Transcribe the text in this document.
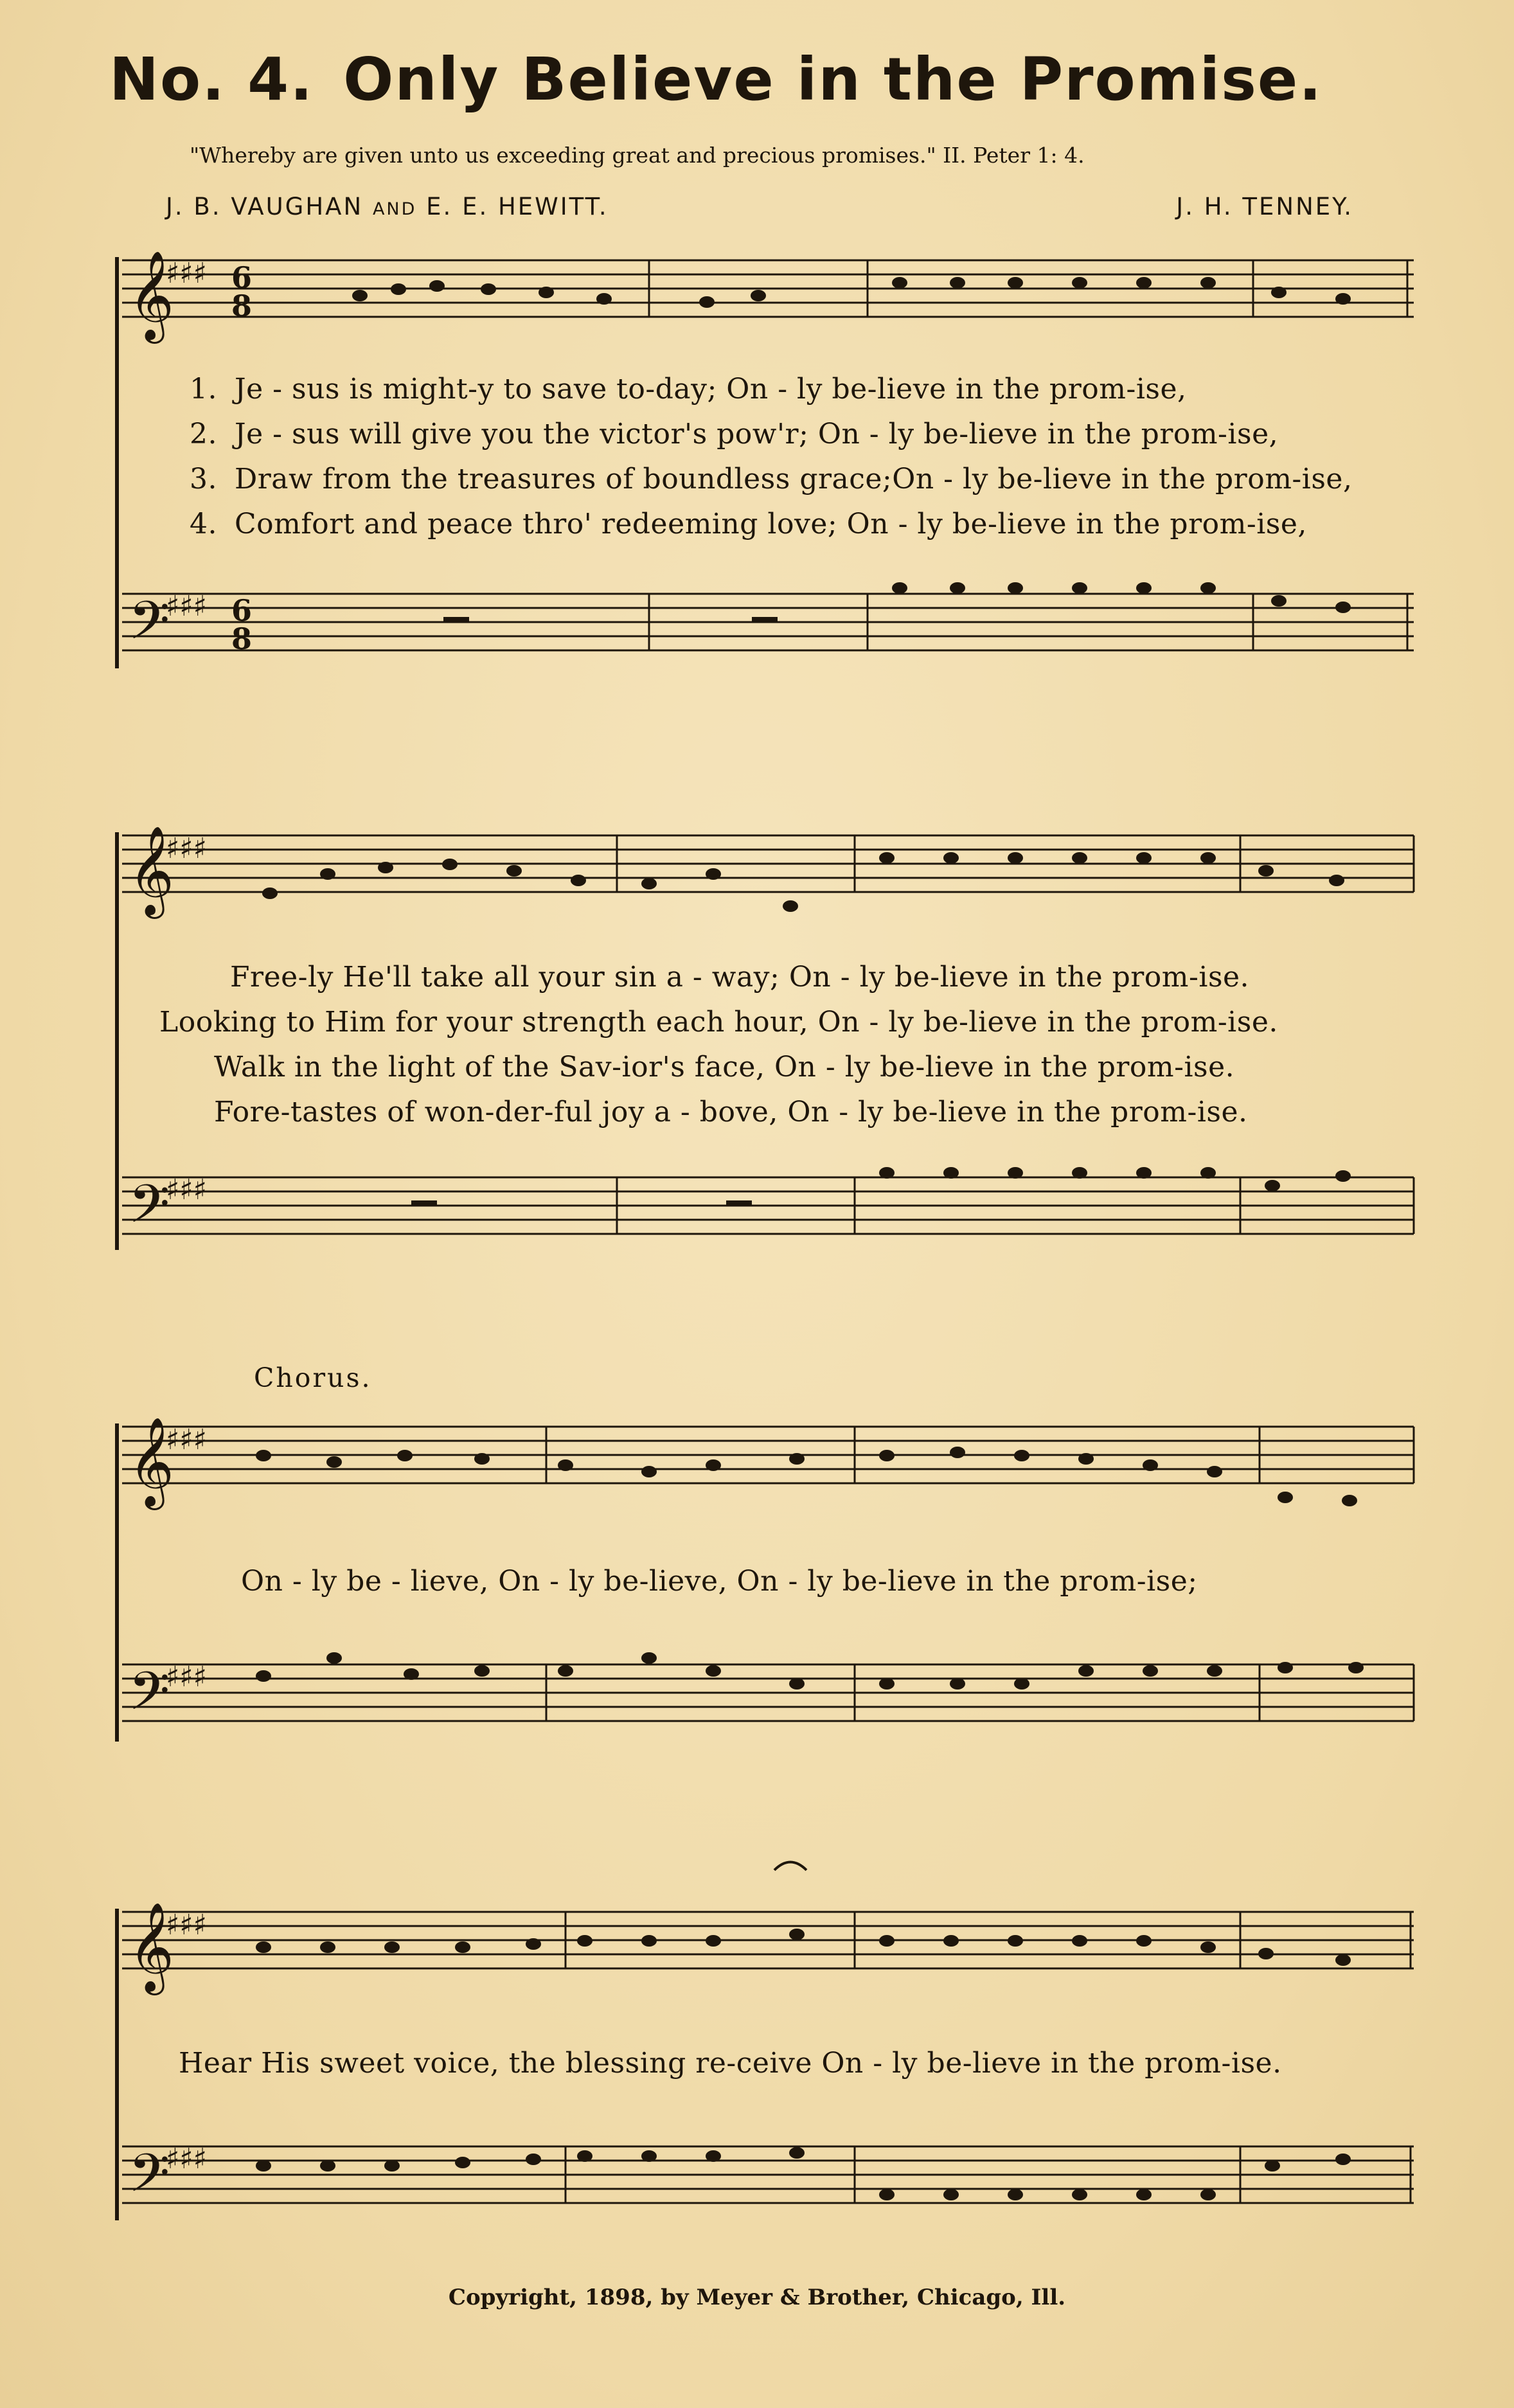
No. 4. Only Believe in the Promise.
"Whereby are given unto us exceeding great and precious promises." II. Peter 1: 4.
J. B. VAUGHAN AND E. E. HEWITT.	J. H. TENNEY.
𝄞
𝄢
♯♯♯
♯♯♯
6
8
6
8
1. Je - sus is might-y to save to-day; On - ly be-lieve in the prom-ise,
2. Je - sus will give you the victor's pow'r; On - ly be-lieve in the prom-ise,
3. Draw from the treasures of boundless grace;On - ly be-lieve in the prom-ise,
4. Comfort and peace thro' redeeming love; On - ly be-lieve in the prom-ise,
𝄞
𝄢
♯♯♯
♯♯♯
Free-ly He'll take all your sin a - way; On - ly be-lieve in the prom-ise.
Looking to Him for your strength each hour, On - ly be-lieve in the prom-ise.
Walk in the light of the Sav-ior's face, On - ly be-lieve in the prom-ise.
Fore-tastes of won-der-ful joy a - bove, On - ly be-lieve in the prom-ise.
Chorus.
𝄞
𝄢
♯♯♯
♯♯♯
On - ly be - lieve, On - ly be-lieve, On - ly be-lieve in the prom-ise;
𝄞
𝄢
♯♯♯
♯♯♯
Hear His sweet voice, the blessing re-ceive On - ly be-lieve in the prom-ise.
Copyright, 1898, by Meyer & Brother, Chicago, Ill.
